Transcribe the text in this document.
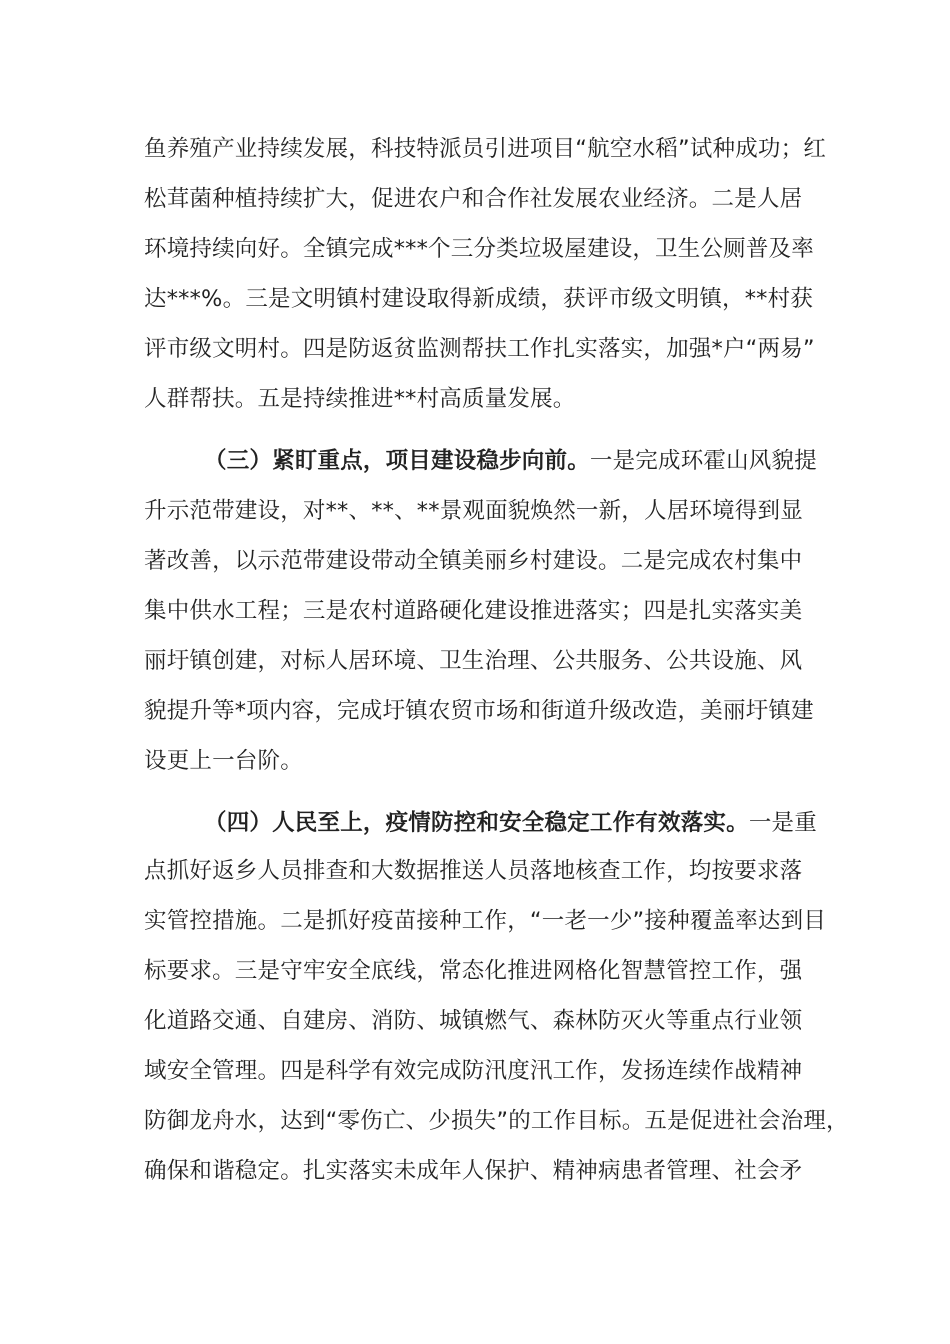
鱼养殖产业持续发展，科技特派员引进项目“航空水稻”试种成功；红
松茸菌种植持续扩大，促进农户和合作社发展农业经济。二是人居
环境持续向好。全镇完成***个三分类垃圾屋建设，卫生公厕普及率
达***%。三是文明镇村建设取得新成绩，获评市级文明镇，**村获
评市级文明村。四是防返贫监测帮扶工作扎实落实，加强*户“两易”
人群帮扶。五是持续推进**村高质量发展。
（三）紧盯重点，项目建设稳步向前。一是完成环霍山风貌提
升示范带建设，对**、**、**景观面貌焕然一新，人居环境得到显
著改善，以示范带建设带动全镇美丽乡村建设。二是完成农村集中
集中供水工程；三是农村道路硬化建设推进落实；四是扎实落实美
丽圩镇创建，对标人居环境、卫生治理、公共服务、公共设施、风
貌提升等*项内容，完成圩镇农贸市场和街道升级改造，美丽圩镇建
设更上一台阶。
（四）人民至上，疫情防控和安全稳定工作有效落实。一是重
点抓好返乡人员排查和大数据推送人员落地核查工作，均按要求落
实管控措施。二是抓好疫苗接种工作，“一老一少”接种覆盖率达到目
标要求。三是守牢安全底线，常态化推进网格化智慧管控工作，强
化道路交通、自建房、消防、城镇燃气、森林防灭火等重点行业领
域安全管理。四是科学有效完成防汛度汛工作，发扬连续作战精神
防御龙舟水，达到“零伤亡、少损失”的工作目标。五是促进社会治理，
确保和谐稳定。扎实落实未成年人保护、精神病患者管理、社会矛
